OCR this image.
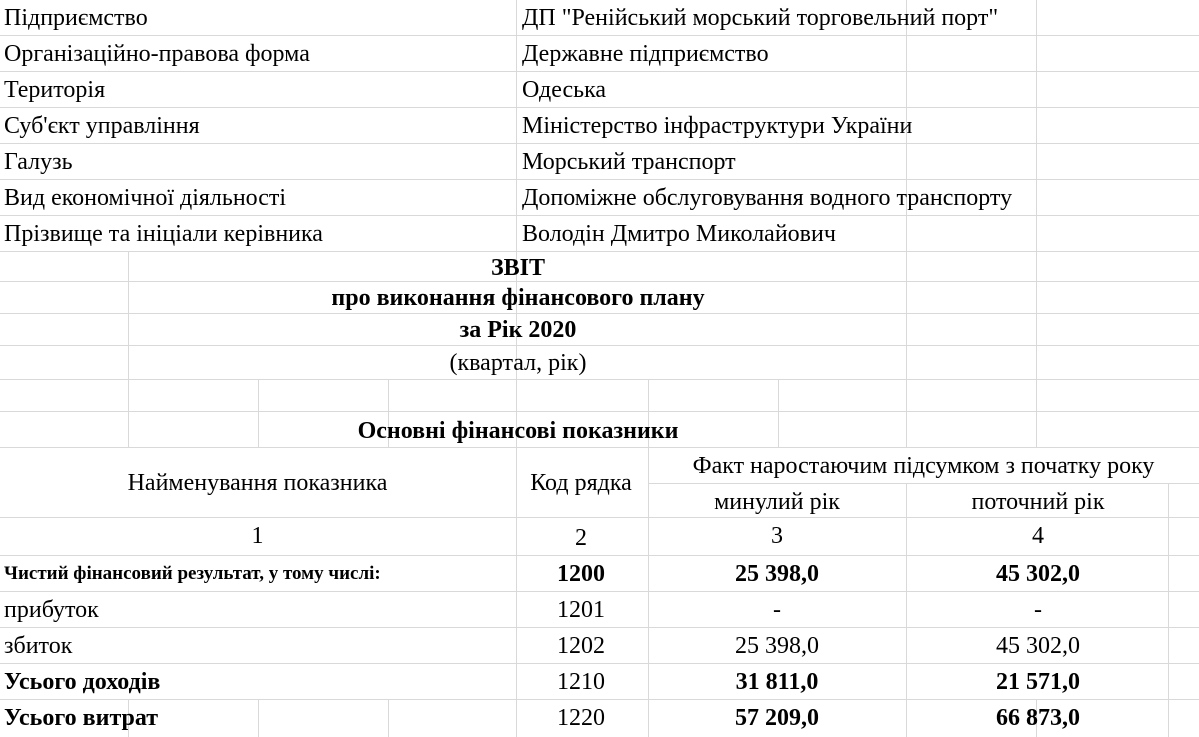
Підприємство	ДП "Ренійський морський торговельний порт"
Організаційно-правова форма	Державне підприємство
Територія	Одеська
Суб'єкт управління	Міністерство інфраструктури України
Галузь	Морський транспорт
Вид економічної діяльності	Допоміжне обслуговування водного транспорту
Прізвище та ініціали керівника	Володін Дмитро Миколайович
ЗВІТ
про виконання фінансового плану
за Рік 2020
(квартал, рік)
Основні фінансові показники
Найменування показника	Код рядка
Факт наростаючим підсумком з початку року
минулий рік	поточний рік
1	2	3	4
Чистий фінансовий результат, у тому числі:	1200	25 398,0	45 302,0
прибуток	1201	-	-
збиток	1202	25 398,0	45 302,0
Усього доходів	1210	31 811,0	21 571,0
Усього витрат	1220	57 209,0	66 873,0
